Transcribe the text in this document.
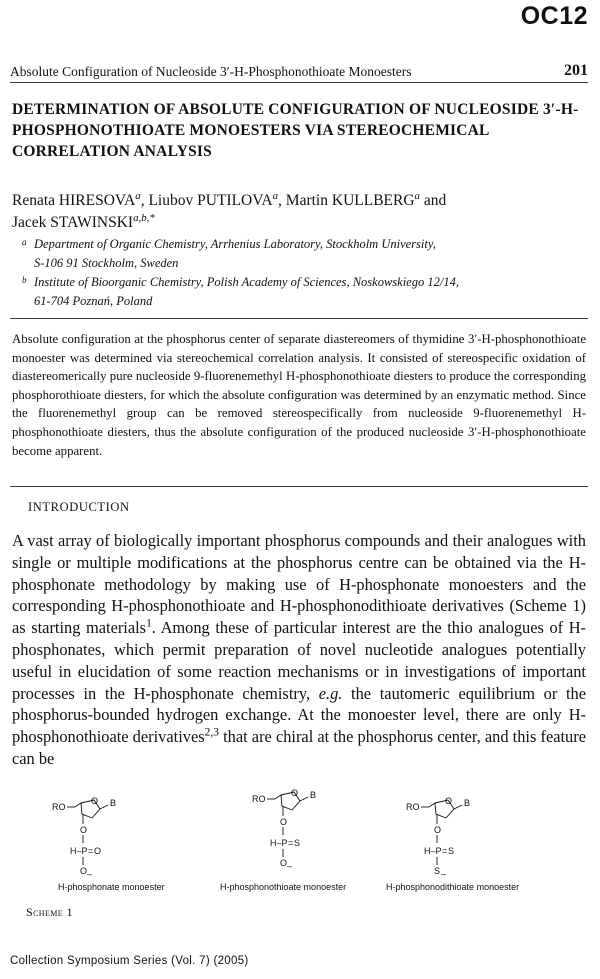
OC12
Absolute Configuration of Nucleoside 3′-H-Phosphonothioate Monoesters	201
DETERMINATION OF ABSOLUTE CONFIGURATION OF NUCLEOSIDE 3′-H-PHOSPHONOTHIOATE MONOESTERS VIA STEREOCHEMICAL CORRELATION ANALYSIS
Renata HIRESOVA$^a$, Liubov PUTILOVA$^a$, Martin KULLBERG$^a$ and
Jacek $STAWINSKI^{a,b,*}$
a Department of Organic Chemistry, Arrhenius Laboratory, Stockholm University,
S-106 91 Stockholm, Sweden
b Institute of Bioorganic Chemistry, Polish Academy of Sciences, Noskowskiego 12/14,
61-704 Poznań, Poland
Absolute configuration at the phosphorus center of separate diastereomers of thymidine 3′-H-phosphonothioate monoester was determined via stereochemical correlation analysis. It consisted of stereospecific oxidation of diastereomerically pure nucleoside 9-fluorenemethyl H-phosphonothioate diesters to produce the corresponding phosphorothioate diesters, for which the absolute configuration was determined by an enzymatic method. Since the fluorenemethyl group can be removed stereospecifically from nucleoside 9-fluorenemethyl H-phosphonothioate diesters, thus the absolute configuration of the produced nucleoside 3′-H-phosphonothioate become apparent.
INTRODUCTION
A vast array of biologically important phosphorus compounds and their analogues with single or multiple modifications at the phosphorus centre can be obtained via the H-phosphonate methodology by making use of H-phosphonate monoesters and the corresponding H-phosphonothioate and H-phosphonodithioate derivatives (Scheme 1) as starting materials$^1$. Among these of particular interest are the thio analogues of H-phosphonates, which permit preparation of novel nucleotide analogues potentially useful in elucidation of some reaction mechanisms or in investigations of important processes in the H-phosphonate chemistry, e.g. the tautomeric equilibrium or the phosphorus-bounded hydrogen exchange. At the monoester level, there are only H-phosphonothioate derivatives$^{2,3}$ that are chiral at the phosphorus center, and this feature can be
RO
O B
O
H–P = O
O –
H-phosphonate monoester
RO
O B
O
H–P = S
O –
H-phosphonothioate monoester
RO
O B
O
H–P = S
S –
H-phosphonodithioate monoester
Scheme 1
Collection Symposium Series (Vol. 7) (2005)
